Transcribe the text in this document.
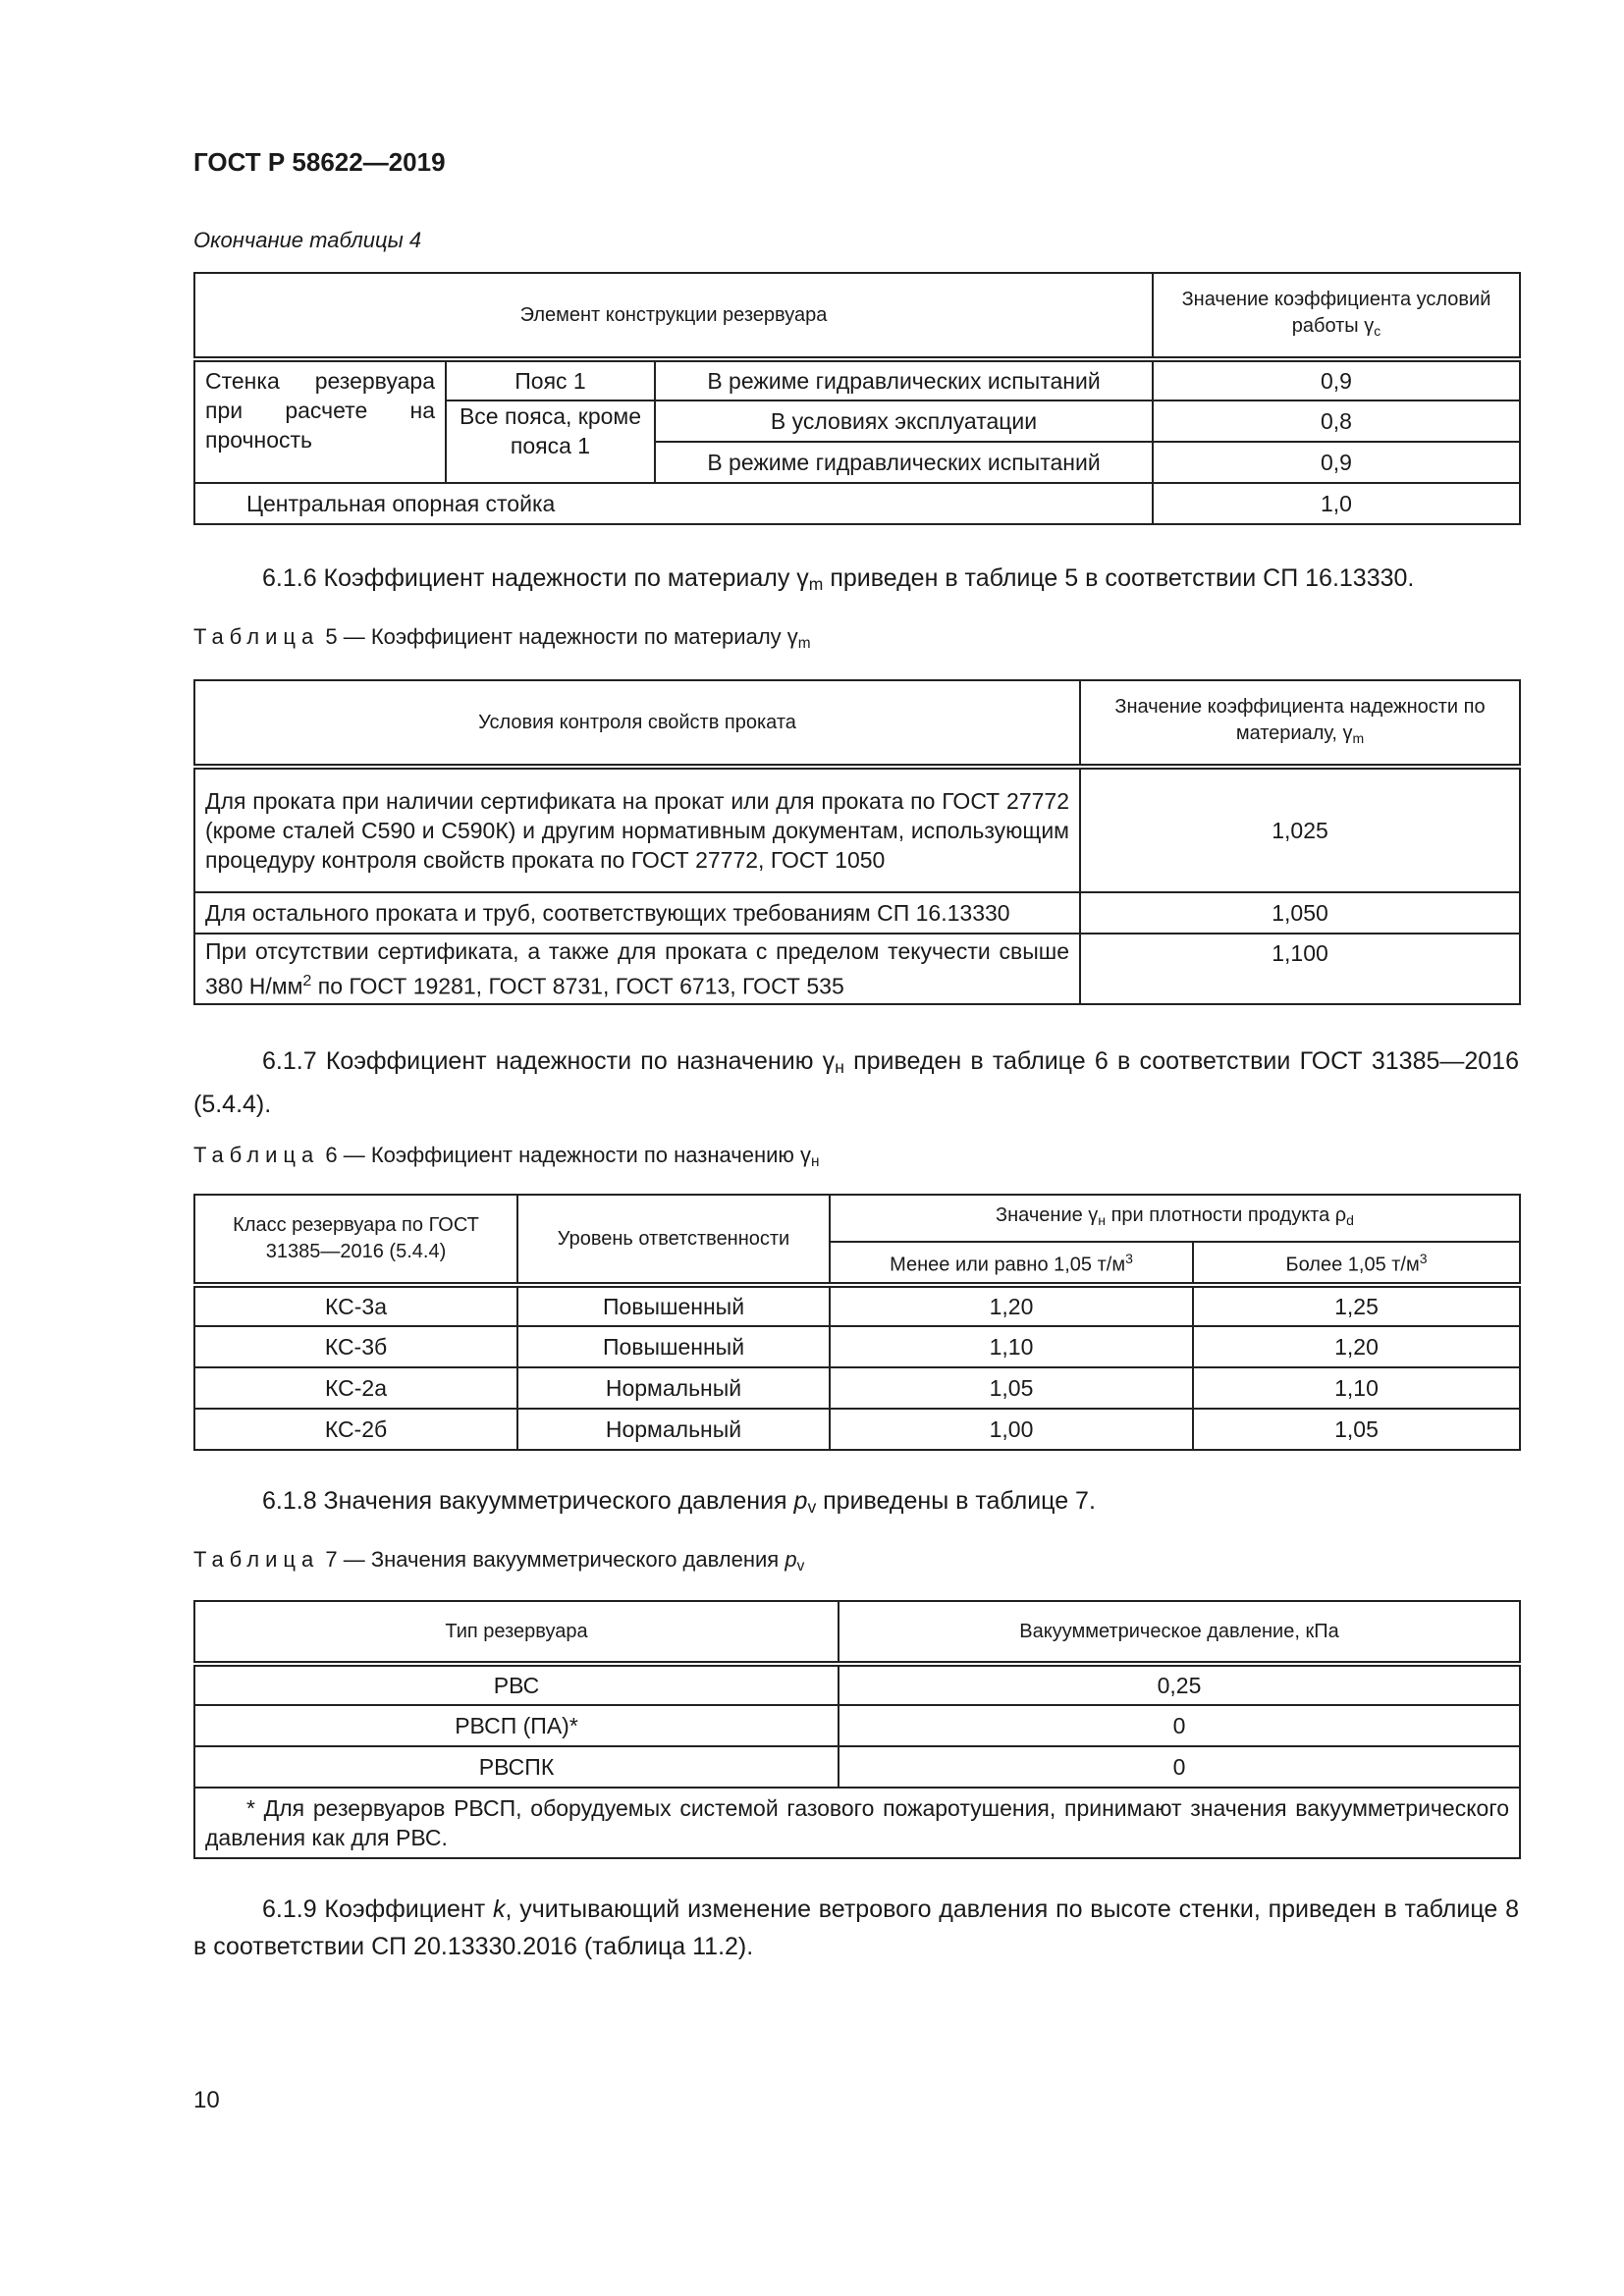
ГОСТ Р 58622—2019
Окончание таблицы 4
Элемент конструкции резервуара			Значение коэффициента условий работы $\gamma_c$
Стенка резервуара при расчете на прочность	Пояс 1	В режиме гидравлических испытаний	0,9
	Все пояса, кроме пояса 1	В условиях эксплуатации	0,8
		В режиме гидравлических испытаний	0,9
Центральная опорная стойка			1,0
6.1.6 Коэффициент надежности по материалу $\gamma_m$ приведен в таблице 5 в соответствии СП 16.13330.
Таблица 5 — Коэффициент надежности по материалу $\gamma_m$
Условия контроля свойств проката	Значение коэффициента надежности по материалу, $\gamma_m$
Для проката при наличии сертификата на прокат или для проката по ГОСТ 27772 (кроме сталей С590 и С590К) и другим нормативным документам, использующим процедуру контроля свойств проката по ГОСТ 27772, ГОСТ 1050	1,025
Для остального проката и труб, соответствующих требованиям СП 16.13330	1,050
При отсутствии сертификата, а также для проката с пределом текучести свыше 380 $Н/мм^2$ по ГОСТ 19281, ГОСТ 8731, ГОСТ 6713, ГОСТ 535	1,100
6.1.7 Коэффициент надежности по назначению $\gamma_н$ приведен в таблице 6 в соответствии ГОСТ 31385—2016 (5.4.4).
Таблица 6 — Коэффициент надежности по назначению $\gamma_н$
Класс резервуара по ГОСТ 31385—2016 (5.4.4)	Уровень ответственности	Значение $\gamma_н$ при плотности продукта $\rho_d$
		Менее или равно 1,05 $т/м^3$	Более 1,05 $т/м^3$
КС-3а	Повышенный	1,20	1,25
КС-3б	Повышенный	1,10	1,20
КС-2а	Нормальный	1,05	1,10
КС-2б	Нормальный	1,00	1,05
6.1.8 Значения вакуумметрического давления $p_v$ приведены в таблице 7.
Таблица 7 — Значения вакуумметрического давления $p_v$
Тип резервуара	Вакуумметрическое давление, кПа
РВС	0,25
РВСП (ПА)*	0
РВСПК	0
* Для резервуаров РВСП, оборудуемых системой газового пожаротушения, принимают значения вакуумметрического давления как для РВС.	
6.1.9 Коэффициент k, учитывающий изменение ветрового давления по высоте стенки, приведен в таблице 8 в соответствии СП 20.13330.2016 (таблица 11.2).
10
